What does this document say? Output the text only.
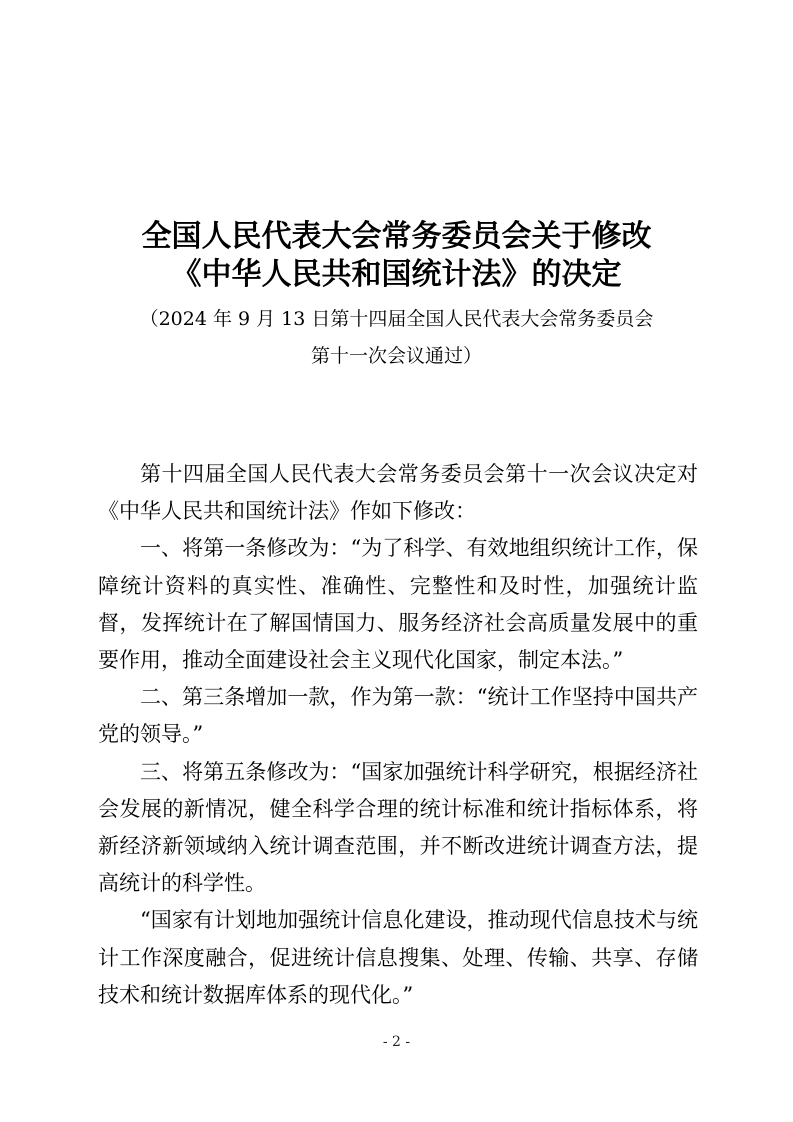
全国人民代表大会常务委员会关于修改
《中华人民共和国统计法》的决定
（2024 年 9 月 13 日第十四届全国人民代表大会常务委员会
第十一次会议通过）

第十四届全国人民代表大会常务委员会第十一次会议决定对《中华人民共和国统计法》作如下修改：

一、将第一条修改为：“为了科学、有效地组织统计工作，保障统计资料的真实性、准确性、完整性和及时性，加强统计监督，发挥统计在了解国情国力、服务经济社会高质量发展中的重要作用，推动全面建设社会主义现代化国家，制定本法。”

二、第三条增加一款，作为第一款：“统计工作坚持中国共产党的领导。”

三、将第五条修改为：“国家加强统计科学研究，根据经济社会发展的新情况，健全科学合理的统计标准和统计指标体系，将新经济新领域纳入统计调查范围，并不断改进统计调查方法，提高统计的科学性。

“国家有计划地加强统计信息化建设，推动现代信息技术与统计工作深度融合，促进统计信息搜集、处理、传输、共享、存储技术和统计数据库体系的现代化。”

- 2 -
